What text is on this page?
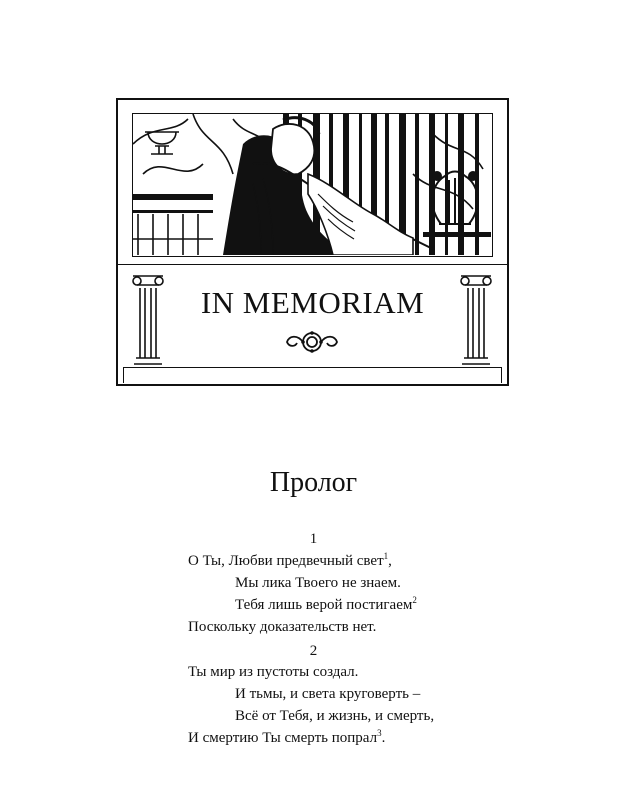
IN MEMORIAM
Пролог
1
О Ты, Любви предвечный свет$^1$,
Мы лика Твоего не знаем.
Тебя лишь верой постигаем$^2$
Поскольку доказательств нет.
2
Ты мир из пустоты создал.
И тьмы, и света круговерть –
Всё от Тебя, и жизнь, и смерть,
И смертию Ты смерть попрал$^3$.
